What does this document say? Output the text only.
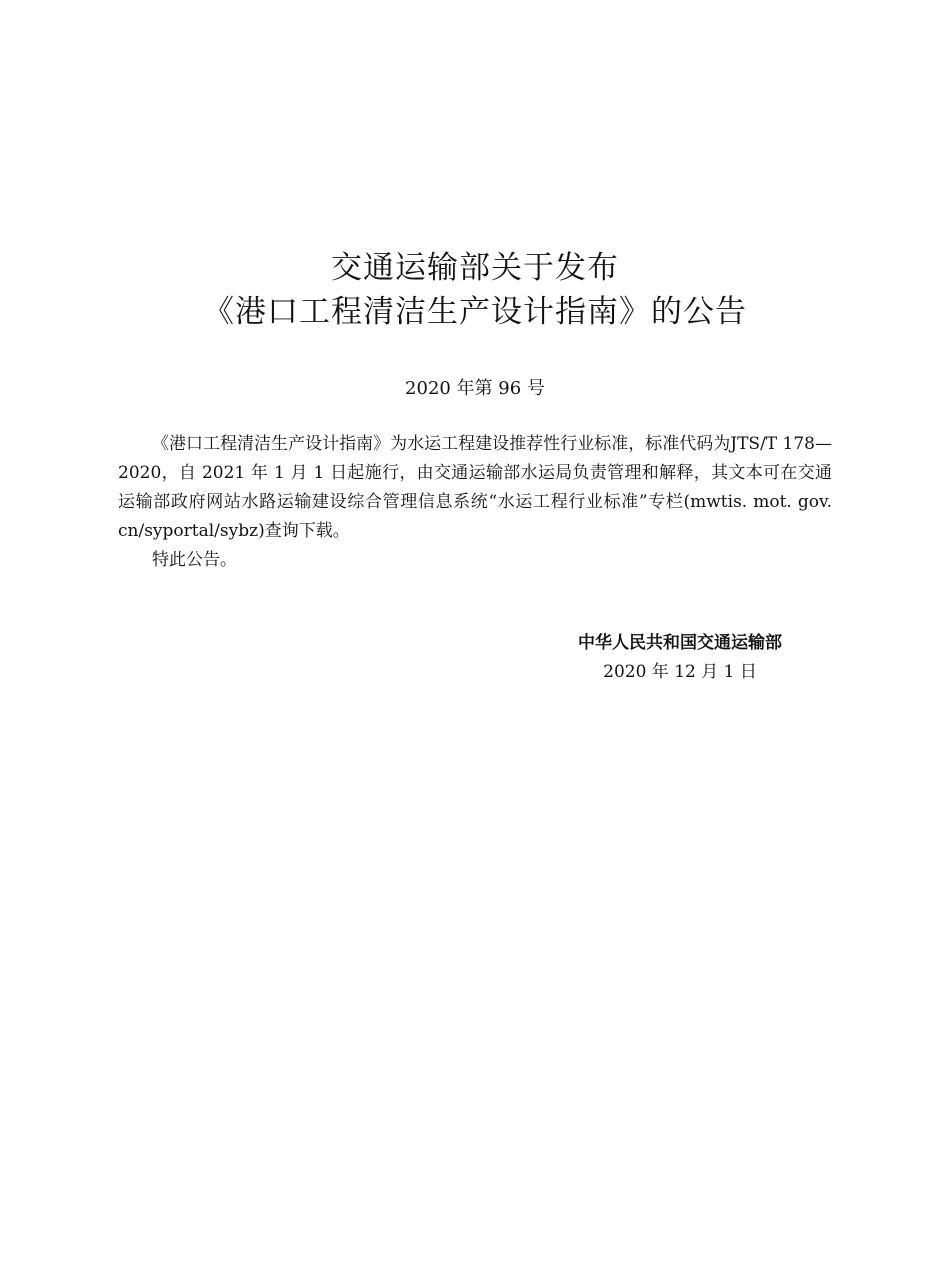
交通运输部关于发布
《港口工程清洁生产设计指南》的公告
2020 年第 96 号

《港口工程清洁生产设计指南》为水运工程建设推荐性行业标准，标准代码为JTS/T 178—2020，自 2021 年 1 月 1 日起施行，由交通运输部水运局负责管理和解释，其文本可在交通运输部政府网站水路运输建设综合管理信息系统“水运工程行业标准”专栏(mwtis. mot. gov. cn/syportal/sybz)查询下载。

特此公告。

中华人民共和国交通运输部
2020 年 12 月 1 日
